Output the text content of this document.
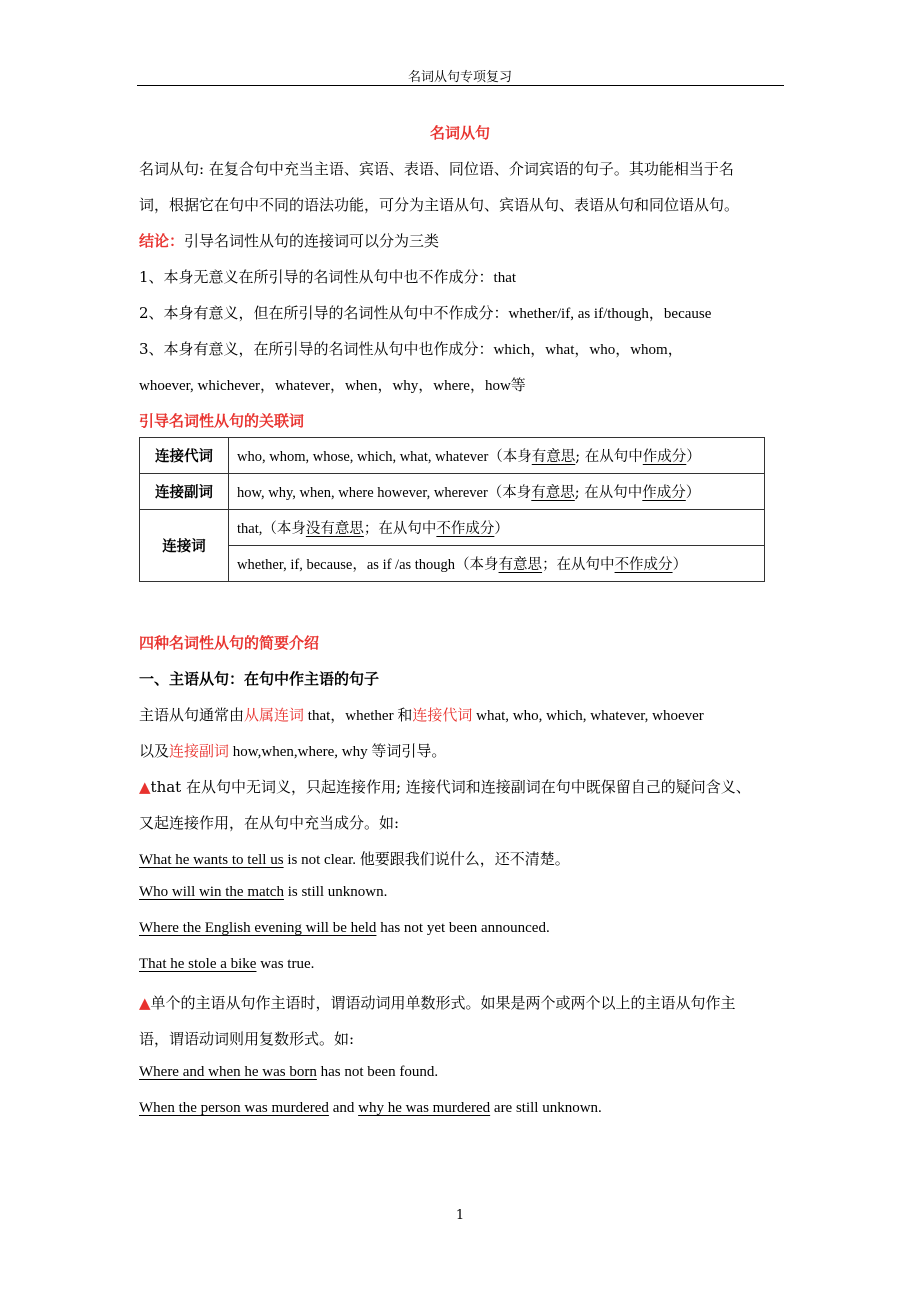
名词从句专项复习
名词从句
名词从句: 在复合句中充当主语、宾语、表语、同位语、介词宾语的句子。其功能相当于名
词，根据它在句中不同的语法功能，可分为主语从句、宾语从句、表语从句和同位语从句。
结论：引导名词性从句的连接词可以分为三类
1、本身无意义在所引导的名词性从句中也不作成分：that
2、本身有意义，但在所引导的名词性从句中不作成分：whether/if, as if/though，because
3、本身有意义，在所引导的名词性从句中也作成分：which，what，who，whom，
whoever, whichever，whatever，when，why，where，how等
引导名词性从句的关联词
连接代词	who, whom, whose, which, what, whatever（本身有意思; 在从句中作成分）
连接副词	how, why, when, where however, wherever（本身有意思; 在从句中作成分）
连接词	that,（本身没有意思；在从句中不作成分）
	whether, if, because，as if /as though（本身有意思；在从句中不作成分）
四种名词性从句的简要介绍
一、主语从句：在句中作主语的句子
主语从句通常由从属连词 that，whether 和连接代词 what, who, which, whatever, whoever
以及连接副词 how,when,where, why 等词引导。
▲that 在从句中无词义，只起连接作用; 连接代词和连接副词在句中既保留自己的疑问含义、
又起连接作用，在从句中充当成分。如:
What he wants to tell us is not clear. 他要跟我们说什么，还不清楚。
Who will win the match is still unknown.
Where the English evening will be held has not yet been announced.
That he stole a bike was true.
▲单个的主语从句作主语时，谓语动词用单数形式。如果是两个或两个以上的主语从句作主
语，谓语动词则用复数形式。如:
Where and when he was born has not been found.
When the person was murdered and why he was murdered are still unknown.
1
